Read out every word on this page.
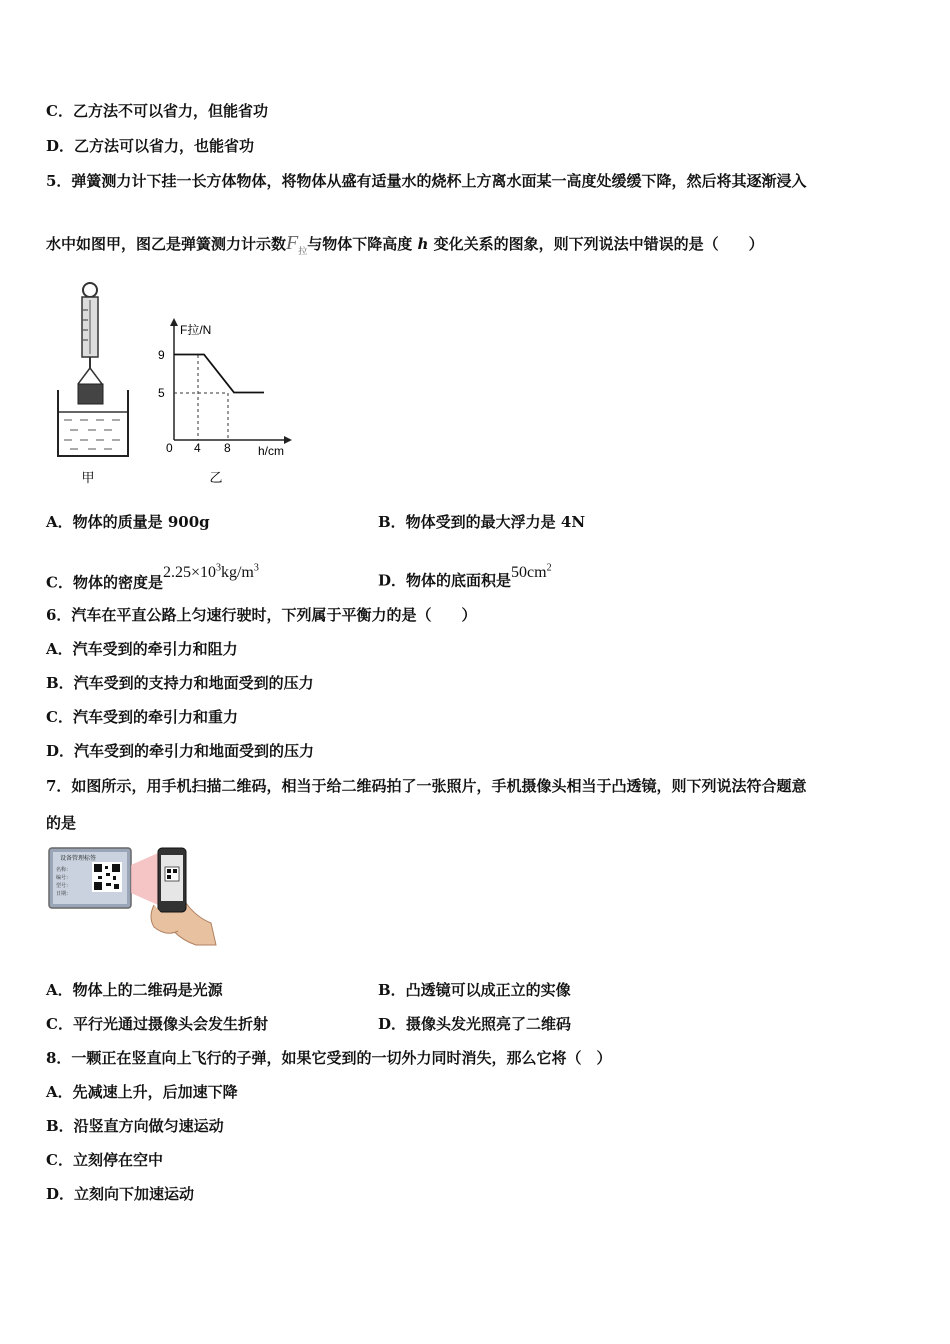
C．乙方法不可以省力，但能省功
D．乙方法可以省力，也能省功
5．弹簧测力计下挂一长方体物体，将物体从盛有适量水的烧杯上方离水面某一高度处缓缓下降，然后将其逐渐浸入
水中如图甲，图乙是弹簧测力计示数$F_拉$与物体下降高度 h 变化关系的图象，则下列说法中错误的是（　　）
甲
F拉/N
h/cm
9
5
0 4 8
乙
A．物体的质量是 900g	B．物体受到的最大浮力是 4N
C．物体的密度是$2.25\times 10^3kg/m^3$
D．物体的底面积是$50cm^2$
6．汽车在平直公路上匀速行驶时，下列属于平衡力的是（　　）
A．汽车受到的牵引力和阻力
B．汽车受到的支持力和地面受到的压力
C．汽车受到的牵引力和重力
D．汽车受到的牵引力和地面受到的压力
7．如图所示，用手机扫描二维码，相当于给二维码拍了一张照片，手机摄像头相当于凸透镜，则下列说法符合题意
的是
设备管理标签
名称：
编号：
型号：
日期：
A．物体上的二维码是光源	B．凸透镜可以成正立的实像
C．平行光通过摄像头会发生折射	D．摄像头发光照亮了二维码
8．一颗正在竖直向上飞行的子弹，如果它受到的一切外力同时消失，那么它将（　）
A．先减速上升，后加速下降
B．沿竖直方向做匀速运动
C．立刻停在空中
D．立刻向下加速运动
